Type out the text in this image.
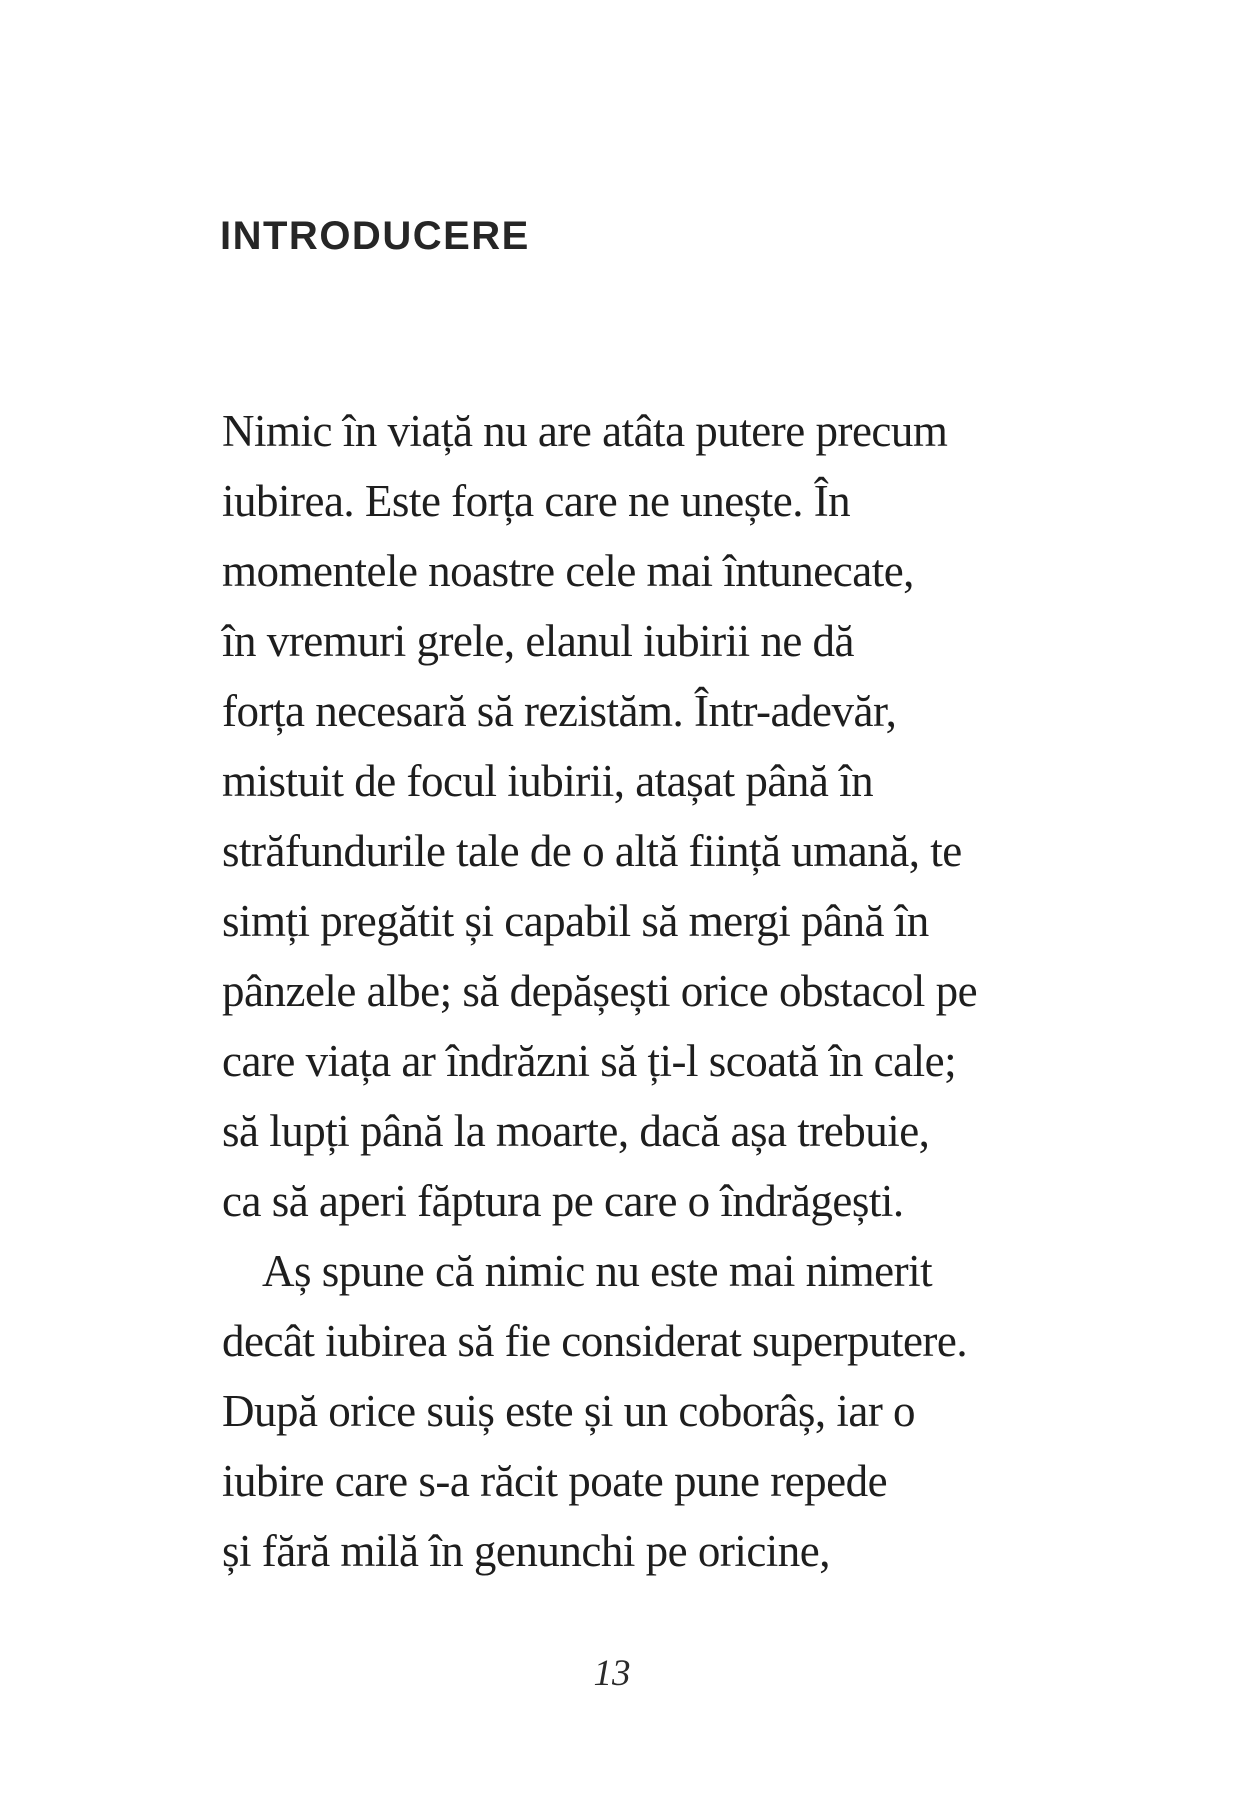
INTRODUCERE
Nimic în viață nu are atâta putere precum
iubirea. Este forța care ne unește. În
momentele noastre cele mai întunecate,
în vremuri grele, elanul iubirii ne dă
forța necesară să rezistăm. Într-adevăr,
mistuit de focul iubirii, atașat până în
străfundurile tale de o altă ființă umană, te
simți pregătit și capabil să mergi până în
pânzele albe; să depășești orice obstacol pe
care viața ar îndrăzni să ți-l scoată în cale;
să lupți până la moarte, dacă așa trebuie,
ca să aperi făptura pe care o îndrăgești.
Aș spune că nimic nu este mai nimerit
decât iubirea să fie considerat superputere.
După orice suiș este și un coborâș, iar o
iubire care s-a răcit poate pune repede
și fără milă în genunchi pe oricine,
13
